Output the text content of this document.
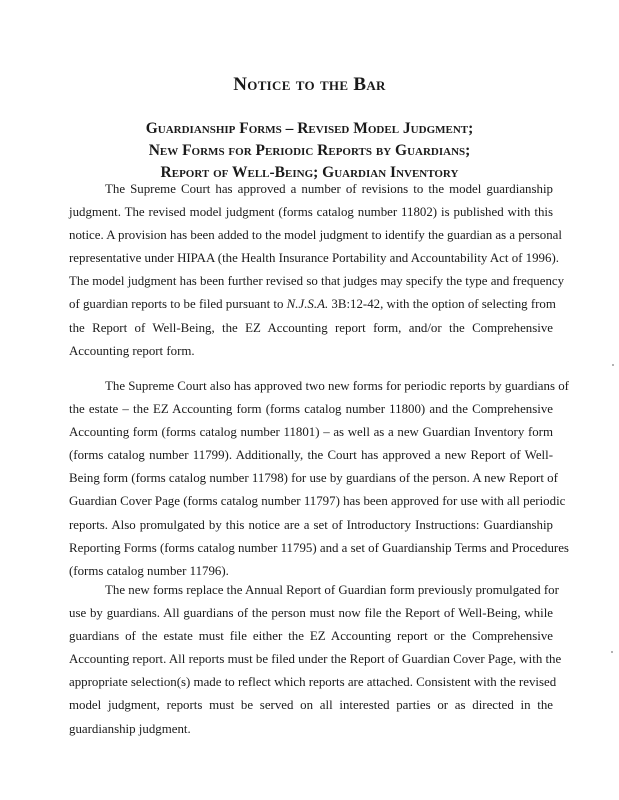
Notice to the Bar
Guardianship Forms – Revised Model Judgment;
New Forms for Periodic Reports by Guardians;
Report of Well-Being; Guardian Inventory
The Supreme Court has approved a number of revisions to the model guardianship
judgment. The revised model judgment (forms catalog number 11802) is published with this
notice. A provision has been added to the model judgment to identify the guardian as a personal
representative under HIPAA (the Health Insurance Portability and Accountability Act of 1996).
The model judgment has been further revised so that judges may specify the type and frequency
of guardian reports to be filed pursuant to N.J.S.A. 3B:12-42, with the option of selecting from
the Report of Well-Being, the EZ Accounting report form, and/or the Comprehensive
Accounting report form.
The Supreme Court also has approved two new forms for periodic reports by guardians of
the estate – the EZ Accounting form (forms catalog number 11800) and the Comprehensive
Accounting form (forms catalog number 11801) – as well as a new Guardian Inventory form
(forms catalog number 11799). Additionally, the Court has approved a new Report of Well-
Being form (forms catalog number 11798) for use by guardians of the person. A new Report of
Guardian Cover Page (forms catalog number 11797) has been approved for use with all periodic
reports. Also promulgated by this notice are a set of Introductory Instructions: Guardianship
Reporting Forms (forms catalog number 11795) and a set of Guardianship Terms and Procedures
(forms catalog number 11796).
The new forms replace the Annual Report of Guardian form previously promulgated for
use by guardians. All guardians of the person must now file the Report of Well-Being, while
guardians of the estate must file either the EZ Accounting report or the Comprehensive
Accounting report. All reports must be filed under the Report of Guardian Cover Page, with the
appropriate selection(s) made to reflect which reports are attached. Consistent with the revised
model judgment, reports must be served on all interested parties or as directed in the
guardianship judgment.
